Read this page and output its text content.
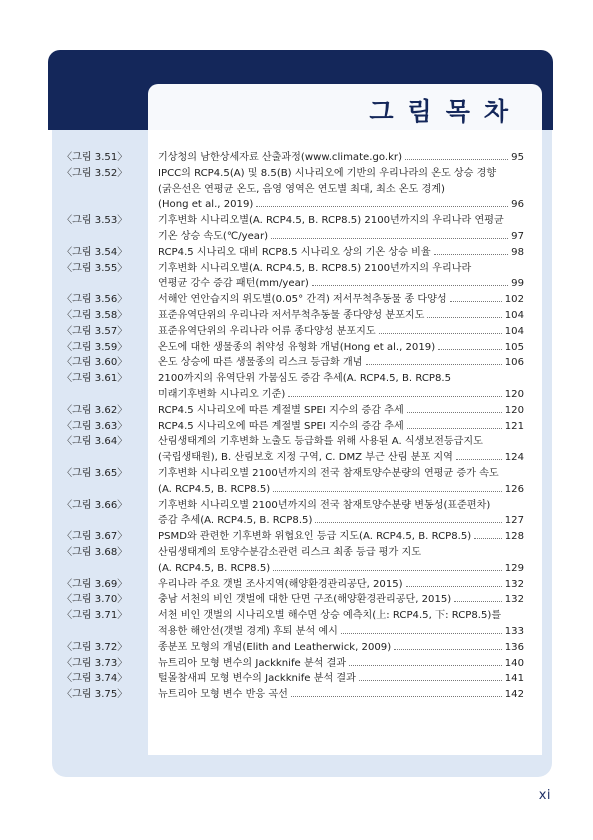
그림목차
〈그림 3.51〉	기상청의 남한상세자료 산출과정(www.climate.go.kr)	95
〈그림 3.52〉	IPCC의 RCP4.5(A) 및 8.5(B) 시나리오에 기반의 우리나라의 온도 상승 경향
(굵은선은 연평균 온도, 음영 영역은 연도별 최대, 최소 온도 경계)
(Hong et al., 2019)	96
〈그림 3.53〉	기후변화 시나리오별(A. RCP4.5, B. RCP8.5) 2100년까지의 우리나라 연평균
기온 상승 속도(℃/year)	97
〈그림 3.54〉	RCP4.5 시나리오 대비 RCP8.5 시나리오 상의 기온 상승 비율	98
〈그림 3.55〉	기후변화 시나리오별(A. RCP4.5, B. RCP8.5) 2100년까지의 우리나라
연평균 강수 증감 패턴(mm/year)	99
〈그림 3.56〉	서해안 연안습지의 위도별(0.05° 간격) 저서무척추동물 종 다양성	102
〈그림 3.58〉	표준유역단위의 우리나라 저서무척추동물 종다양성 분포지도	104
〈그림 3.57〉	표준유역단위의 우리나라 어류 종다양성 분포지도	104
〈그림 3.59〉	온도에 대한 생물종의 취약성 유형화 개념(Hong et al., 2019)	105
〈그림 3.60〉	온도 상승에 따른 생물종의 리스크 등급화 개념	106
〈그림 3.61〉	2100까지의 유역단위 가뭄심도 증감 추세(A. RCP4.5, B. RCP8.5
미래기후변화 시나리오 기준)	120
〈그림 3.62〉	RCP4.5 시나리오에 따른 계절별 SPEI 지수의 증감 추세	120
〈그림 3.63〉	RCP4.5 시나리오에 따른 계절별 SPEI 지수의 증감 추세	121
〈그림 3.64〉	산림생태계의 기후변화 노출도 등급화를 위해 사용된 A. 식생보전등급지도
(국립생태원), B. 산림보호 지정 구역, C. DMZ 부근 산림 분포 지역	124
〈그림 3.65〉	기후변화 시나리오별 2100년까지의 전국 참재토양수분량의 연평균 증가 속도
(A. RCP4.5, B. RCP8.5)	126
〈그림 3.66〉	기후변화 시나리오별 2100년까지의 전국 참재토양수분량 변동성(표준편차)
증감 추세(A. RCP4.5, B. RCP8.5)	127
〈그림 3.67〉	PSMD와 관련한 기후변화 위협요인 등급 지도(A. RCP4.5, B. RCP8.5)	128
〈그림 3.68〉	산림생태계의 토양수분감소관련 리스크 최종 등급 평가 지도
(A. RCP4.5, B. RCP8.5)	129
〈그림 3.69〉	우리나라 주요 갯벌 조사지역(해양환경관리공단, 2015)	132
〈그림 3.70〉	충남 서천의 비인 갯벌에 대한 단면 구조(해양환경관리공단, 2015)	132
〈그림 3.71〉	서천 비인 갯벌의 시나리오별 해수면 상승 예측치(上: RCP4.5, 下: RCP8.5)를
적용한 해안선(갯벌 경계) 후퇴 분석 예시	133
〈그림 3.72〉	종분포 모형의 개념(Elith and Leatherwick, 2009)	136
〈그림 3.73〉	뉴트리아 모형 변수의 Jackknife 분석 결과	140
〈그림 3.74〉	털몰참새피 모형 변수의 Jackknife 분석 결과	141
〈그림 3.75〉	뉴트리아 모형 변수 반응 곡선	142
xi
